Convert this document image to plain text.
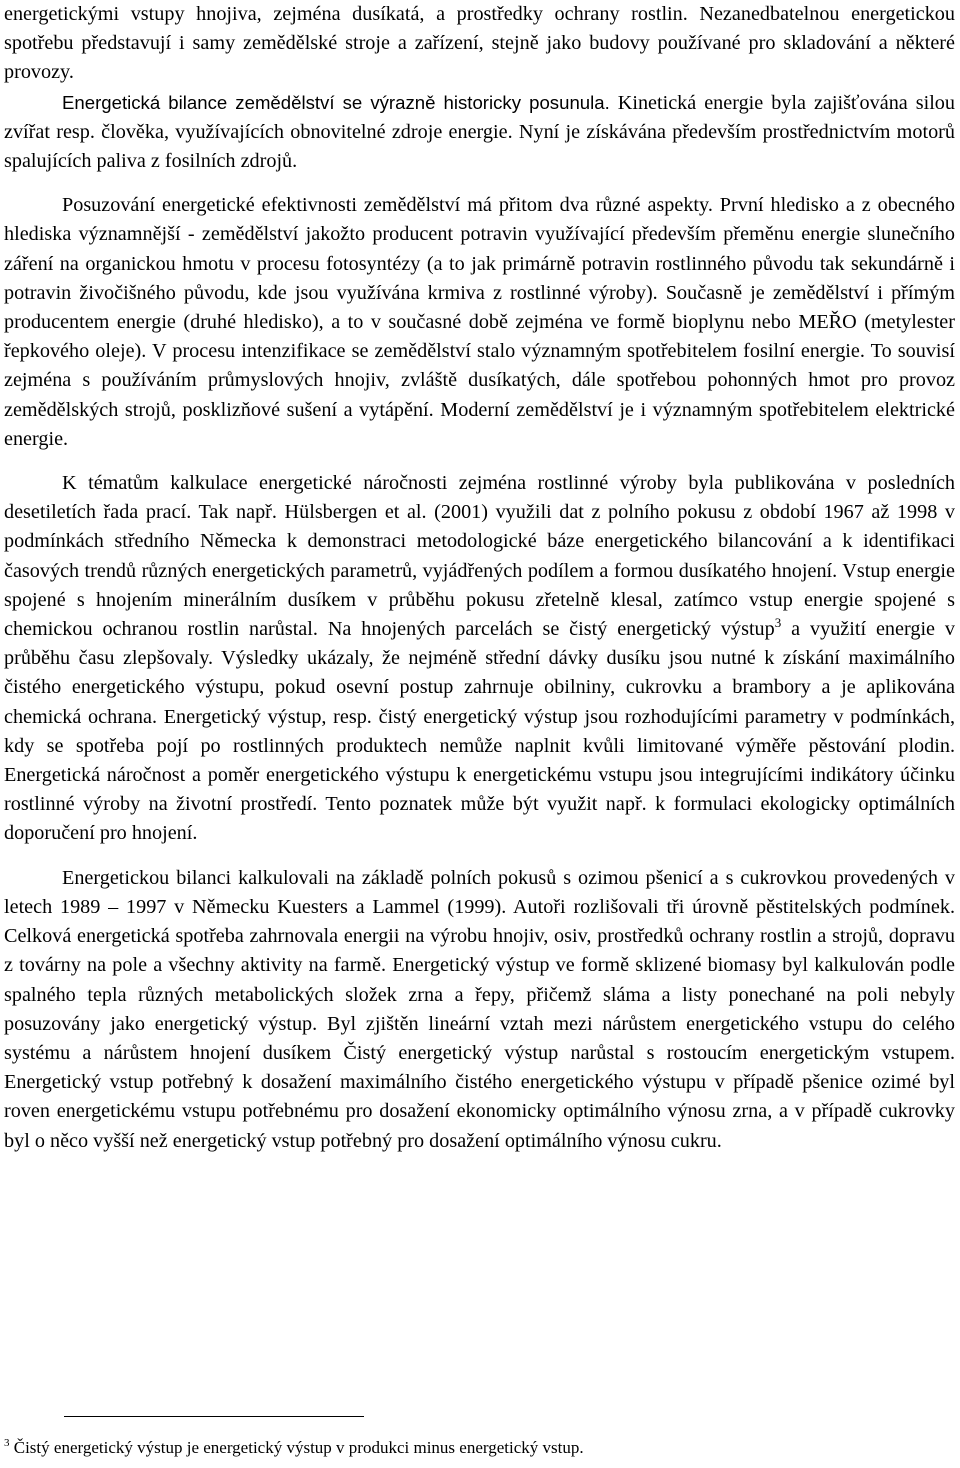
energetickými vstupy hnojiva, zejména dusíkatá, a prostředky ochrany rostlin. Nezanedbatelnou energetickou spotřebu představují i samy zemědělské stroje a zařízení, stejně jako budovy používané pro skladování a některé provozy.

Energetická bilance zemědělství se výrazně historicky posunula. Kinetická energie byla zajišťována silou zvířat resp. člověka, využívajících obnovitelné zdroje energie. Nyní je získávána především prostřednictvím motorů spalujících paliva z fosilních zdrojů.

Posuzování energetické efektivnosti zemědělství má přitom dva různé aspekty. První hledisko a z obecného hlediska významnější - zemědělství jakožto producent potravin využívající především přeměnu energie slunečního záření na organickou hmotu v procesu fotosyntézy (a to jak primárně potravin rostlinného původu tak sekundárně i potravin živočišného původu, kde jsou využívána krmiva z rostlinné výroby). Současně je zemědělství i přímým producentem energie (druhé hledisko), a to v současné době zejména ve formě bioplynu nebo MEŘO (metylester řepkového oleje). V procesu intenzifikace se zemědělství stalo významným spotřebitelem fosilní energie. To souvisí zejména s používáním průmyslových hnojiv, zvláště dusíkatých, dále spotřebou pohonných hmot pro provoz zemědělských strojů, posklizňové sušení a vytápění. Moderní zemědělství je i významným spotřebitelem elektrické energie.

K tématům kalkulace energetické náročnosti zejména rostlinné výroby byla publikována v posledních desetiletích řada prací. Tak např. Hülsbergen et al. (2001) využili dat z polního pokusu z období 1967 až 1998 v podmínkách středního Německa k demonstraci metodologické báze energetického bilancování a k identifikaci časových trendů různých energetických parametrů, vyjádřených podílem a formou dusíkatého hnojení. Vstup energie spojené s hnojením minerálním dusíkem v průběhu pokusu zřetelně klesal, zatímco vstup energie spojené s chemickou ochranou rostlin narůstal. Na hnojených parcelách se čistý energetický výstup$^3$ a využití energie v průběhu času zlepšovaly. Výsledky ukázaly, že nejméně střední dávky dusíku jsou nutné k získání maximálního čistého energetického výstupu, pokud osevní postup zahrnuje obilniny, cukrovku a brambory a je aplikována chemická ochrana. Energetický výstup, resp. čistý energetický výstup jsou rozhodujícími parametry v podmínkách, kdy se spotřeba pojí po rostlinných produktech nemůže naplnit kvůli limitované výměře pěstování plodin. Energetická náročnost a poměr energetického výstupu k energetickému vstupu jsou integrujícími indikátory účinku rostlinné výroby na životní prostředí. Tento poznatek může být využit např. k formulaci ekologicky optimálních doporučení pro hnojení.

Energetickou bilanci kalkulovali na základě polních pokusů s ozimou pšenicí a s cukrovkou provedených v letech 1989 – 1997 v Německu Kuesters a Lammel (1999). Autoři rozlišovali tři úrovně pěstitelských podmínek. Celková energetická spotřeba zahrnovala energii na výrobu hnojiv, osiv, prostředků ochrany rostlin a strojů, dopravu z továrny na pole a všechny aktivity na farmě. Energetický výstup ve formě sklizené biomasy byl kalkulován podle spalného tepla různých metabolických složek zrna a řepy, přičemž sláma a listy ponechané na poli nebyly posuzovány jako energetický výstup. Byl zjištěn lineární vztah mezi nárůstem energetického vstupu do celého systému a nárůstem hnojení dusíkem Čistý energetický výstup narůstal s rostoucím energetickým vstupem. Energetický vstup potřebný k dosažení maximálního čistého energetického výstupu v případě pšenice ozimé byl roven energetickému vstupu potřebnému pro dosažení ekonomicky optimálního výnosu zrna, a v případě cukrovky byl o něco vyšší než energetický vstup potřebný pro dosažení optimálního výnosu cukru.

$^3$ Čistý energetický výstup je energetický výstup v produkci minus energetický vstup.
